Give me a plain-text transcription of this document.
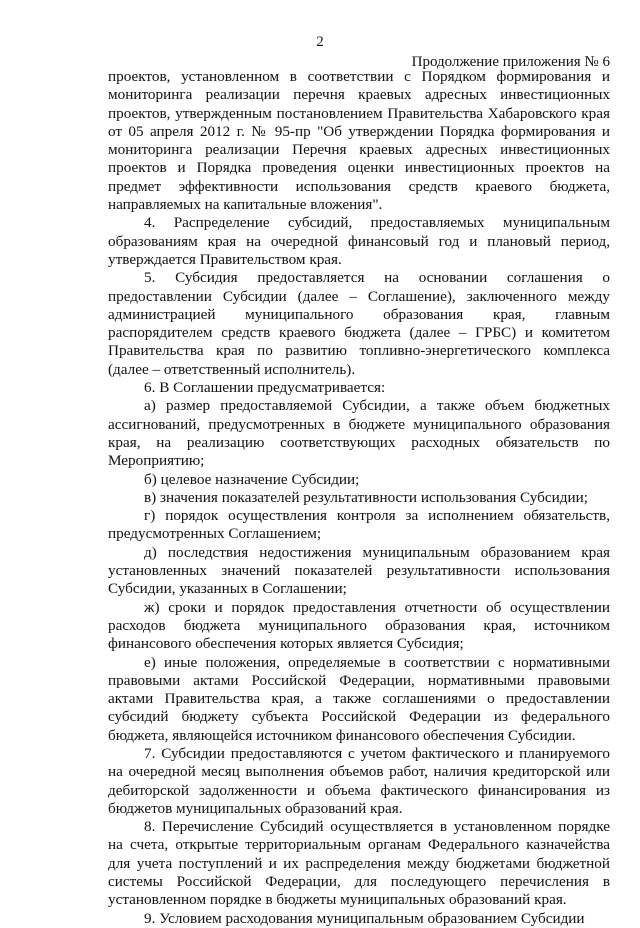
2
Продолжение приложения № 6

проектов, установленном в соответствии с Порядком формирования и мониторинга реализации перечня краевых адресных инвестиционных проектов, утвержденным постановлением Правительства Хабаровского края от 05 апреля 2012 г. № 95-пр "Об утверждении Порядка формирования и мониторинга реализации Перечня краевых адресных инвестиционных проектов и Порядка проведения оценки инвестиционных проектов на предмет эффективности использования средств краевого бюджета, направляемых на капитальные вложения".

4. Распределение субсидий, предоставляемых муниципальным образованиям края на очередной финансовый год и плановый период, утверждается Правительством края.

5. Субсидия предоставляется на основании соглашения о предоставлении Субсидии (далее – Соглашение), заключенного между администрацией муниципального образования края, главным распорядителем средств краевого бюджета (далее – ГРБС) и комитетом Правительства края по развитию топливно-энергетического комплекса (далее – ответственный исполнитель).

6. В Соглашении предусматривается:

а) размер предоставляемой Субсидии, а также объем бюджетных ассигнований, предусмотренных в бюджете муниципального образования края, на реализацию соответствующих расходных обязательств по Мероприятию;

б) целевое назначение Субсидии;

в) значения показателей результативности использования Субсидии;

г) порядок осуществления контроля за исполнением обязательств, предусмотренных Соглашением;

д) последствия недостижения муниципальным образованием края установленных значений показателей результативности использования Субсидии, указанных в Соглашении;

ж) сроки и порядок предоставления отчетности об осуществлении расходов бюджета муниципального образования края, источником финансового обеспечения которых является Субсидия;

е) иные положения, определяемые в соответствии с нормативными правовыми актами Российской Федерации, нормативными правовыми актами Правительства края, а также соглашениями о предоставлении субсидий бюджету субъекта Российской Федерации из федерального бюджета, являющейся источником финансового обеспечения Субсидии.

7. Субсидии предоставляются с учетом фактического и планируемого на очередной месяц выполнения объемов работ, наличия кредиторской или дебиторской задолженности и объема фактического финансирования из бюджетов муниципальных образований края.

8. Перечисление Субсидий осуществляется в установленном порядке на счета, открытые территориальным органам Федерального казначейства для учета поступлений и их распределения между бюджетами бюджетной системы Российской Федерации, для последующего перечисления в установленном порядке в бюджеты муниципальных образований края.

9. Условием расходования муниципальным образованием Субсидии
